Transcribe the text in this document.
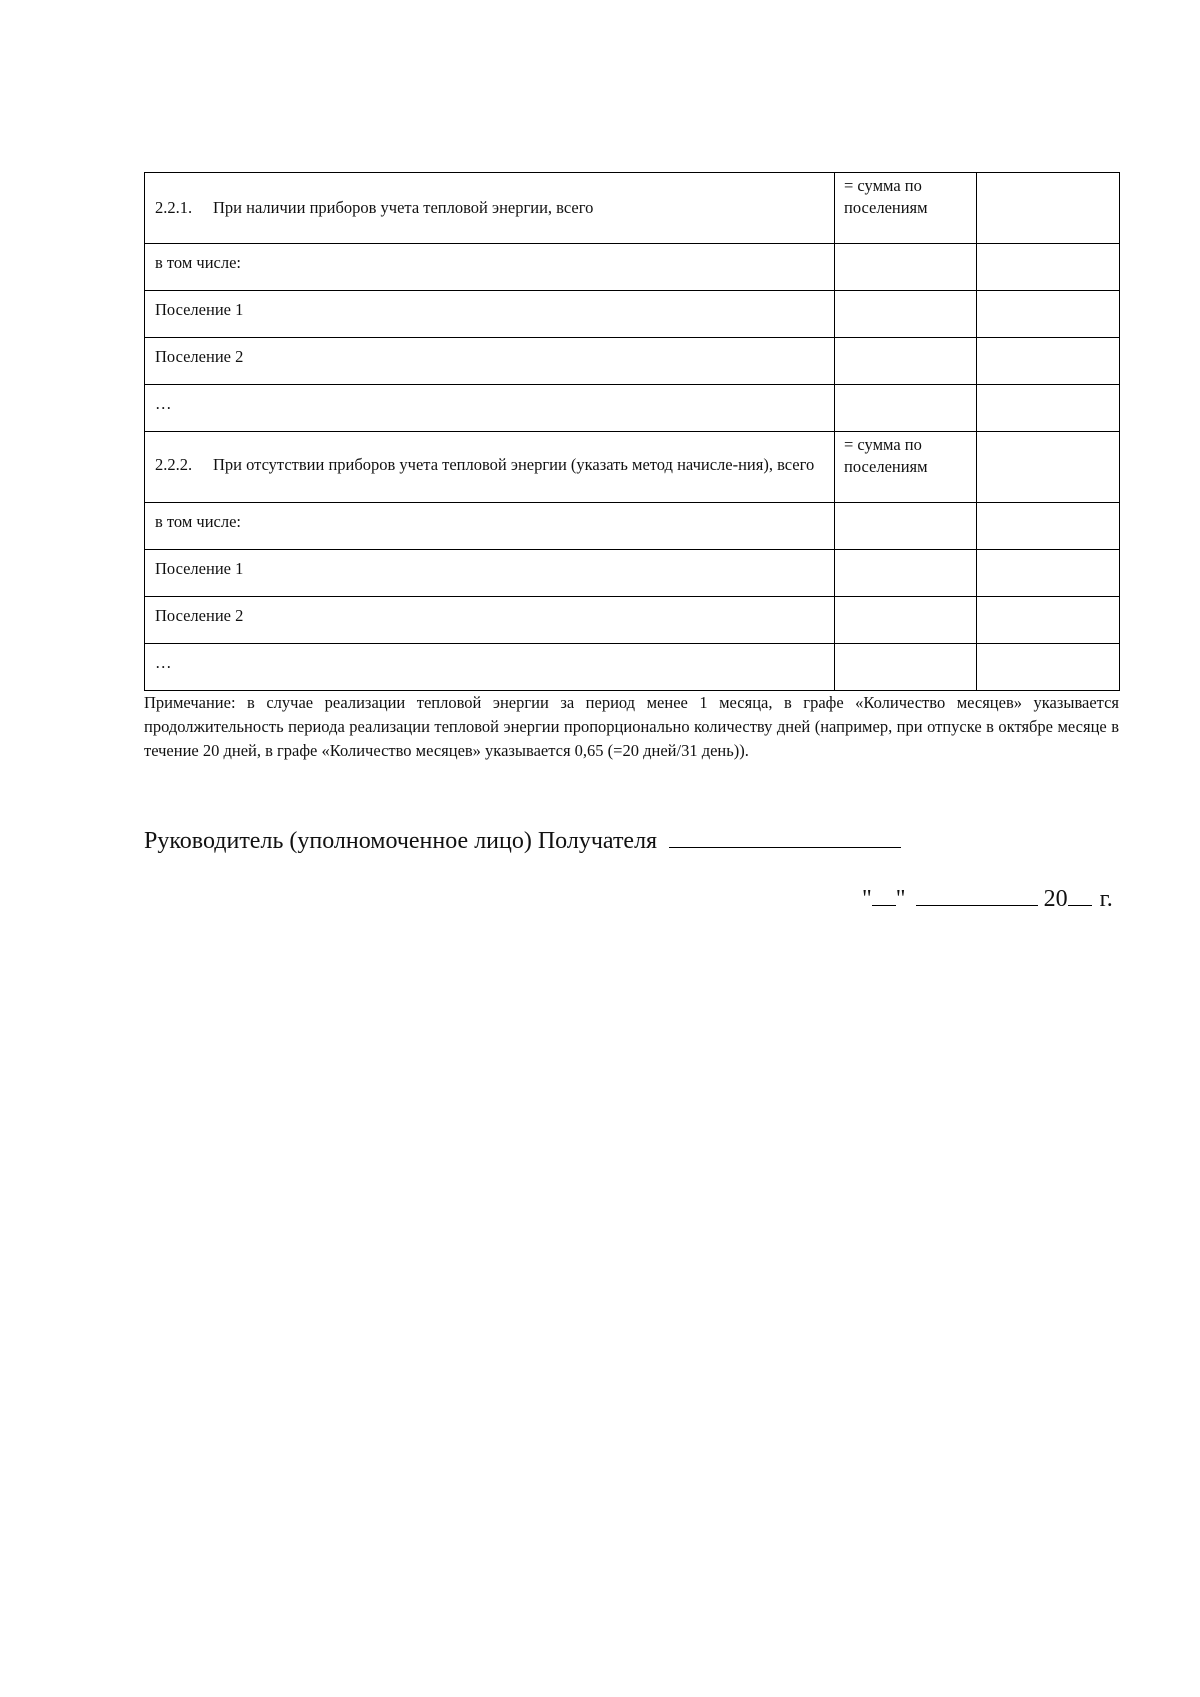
2.2.1. При наличии приборов учета тепловой энергии, всего	= сумма по поселениям	

в том числе:		

Поселение 1		

Поселение 2		

…		

2.2.2. При отсутствии приборов учета тепловой энергии (указать метод начисле-ния), всего	= сумма по поселениям	

в том числе:		

Поселение 1		

Поселение 2		

…		

Примечание: в случае реализации тепловой энергии за период менее 1 месяца, в графе «Количество месяцев» указывается продолжительность периода реализации тепловой энергии пропорционально количеству дней (например, при отпуске в октябре месяце в течение 20 дней, в графе «Количество месяцев» указывается 0,65 (=20 дней/31 день)).

Руководитель (уполномоченное лицо) Получателя
" "	20 г.
